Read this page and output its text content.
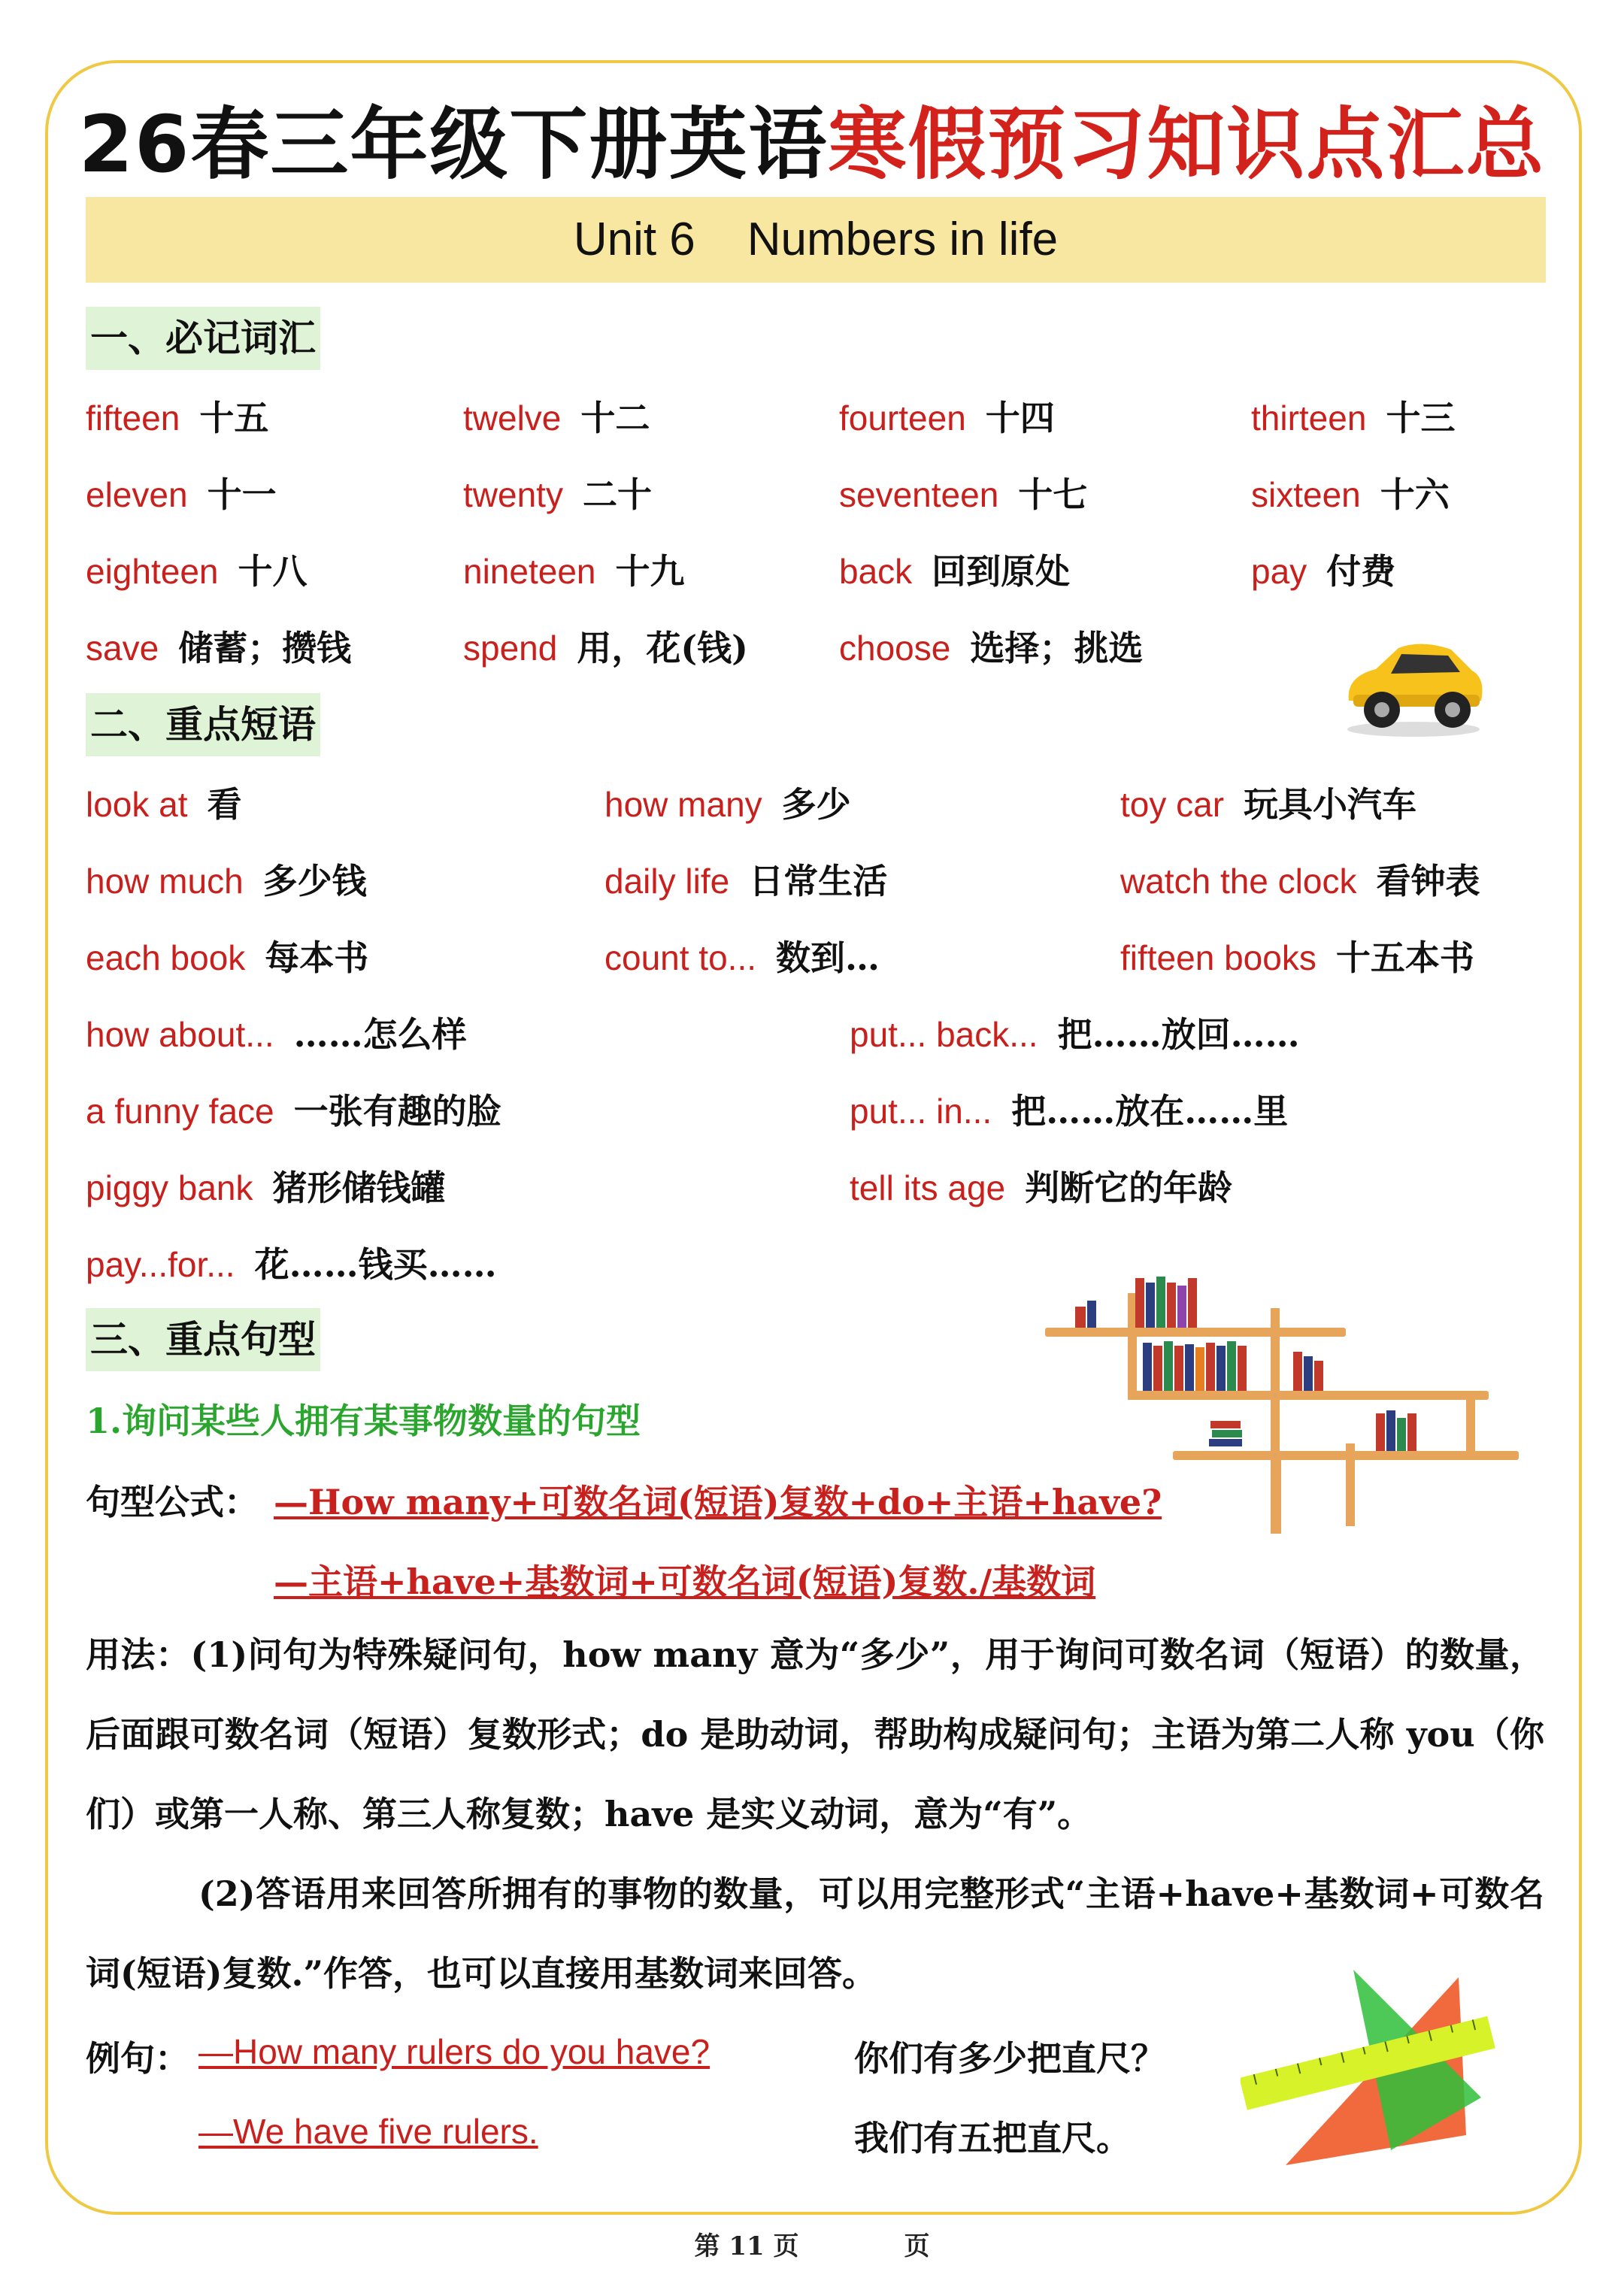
26春三年级下册英语寒假预习知识点汇总
Unit 6    Numbers in life
一、必记词汇
fifteen 十五	twelve 十二	fourteen 十四	thirteen 十三
eleven 十一	twenty 二十	seventeen 十七	sixteen 十六
eighteen 十八	nineteen 十九	back 回到原处	pay 付费
save 储蓄；攒钱	spend 用，花(钱)	choose 选择；挑选
二、重点短语
look at 看	how many 多少	toy car 玩具小汽车
how much 多少钱	daily life 日常生活	watch the clock 看钟表
each book 每本书	count to... 数到…	fifteen books 十五本书
how about... ……怎么样	put... back... 把……放回……
a funny face 一张有趣的脸	put... in... 把……放在……里
piggy bank 猪形储钱罐	tell its age 判断它的年龄
pay...for... 花……钱买……
三、重点句型
1.询问某些人拥有某事物数量的句型
句型公式： —How many+可数名词(短语)复数+do+主语+have?
—主语+have+基数词+可数名词(短语)复数./基数词
用法：(1)问句为特殊疑问句，how many 意为“多少”，用于询问可数名词（短语）的数量，后面跟可数名词（短语）复数形式；do 是助动词，帮助构成疑问句；主语为第二人称 you（你们）或第一人称、第三人称复数；have 是实义动词，意为“有”。
(2)答语用来回答所拥有的事物的数量，可以用完整形式“主语+have+基数词+可数名词(短语)复数.”作答，也可以直接用基数词来回答。
例句： —How many rulers do you have?	你们有多少把直尺？
—We have five rulers.	我们有五把直尺。
第 11 页	页
